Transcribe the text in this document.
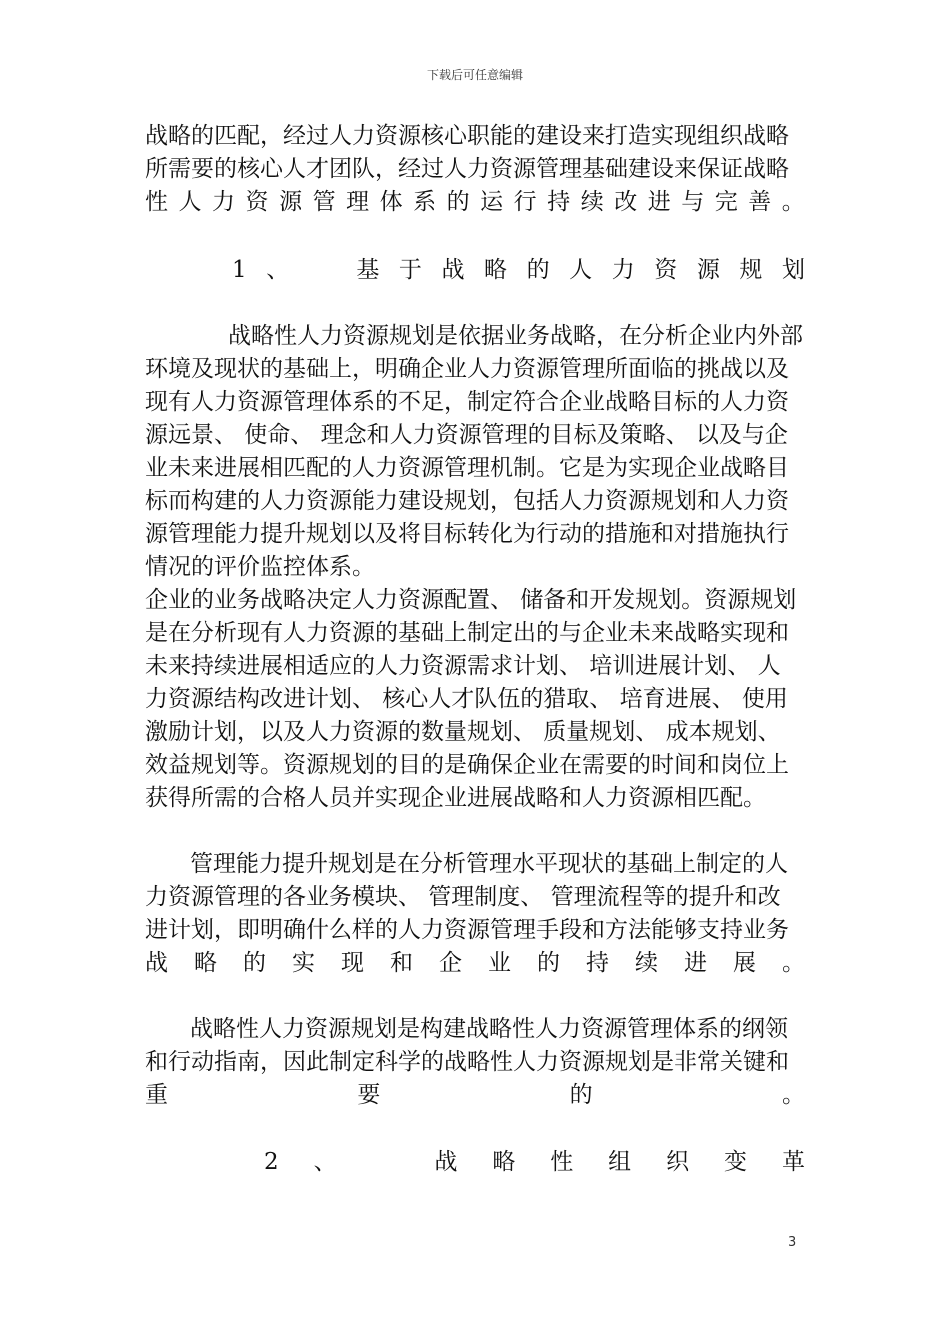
下载后可任意编辑
战略的匹配，经过人力资源核心职能的建设来打造实现组织战略
所需要的核心人才团队，经过人力资源管理基础建设来保证战略
性 人 力 资 源 管 理 体 系 的 运 行 持 续 改 进 与 完 善 。
1 、	基 于 战 略 的 人 力 资 源 规 划
战略性人力资源规划是依据业务战略，在分析企业内外部
环境及现状的基础上，明确企业人力资源管理所面临的挑战以及
现有人力资源管理体系的不足，制定符合企业战略目标的人力资
源远景、 使命、 理念和人力资源管理的目标及策略、 以及与企
业未来进展相匹配的人力资源管理机制。它是为实现企业战略目
标而构建的人力资源能力建设规划，包括人力资源规划和人力资
源管理能力提升规划以及将目标转化为行动的措施和对措施执行
情况的评价监控体系。
企业的业务战略决定人力资源配置、 储备和开发规划。资源规划
是在分析现有人力资源的基础上制定出的与企业未来战略实现和
未来持续进展相适应的人力资源需求计划、 培训进展计划、 人
力资源结构改进计划、 核心人才队伍的猎取、 培育进展、 使用
激励计划，以及人力资源的数量规划、 质量规划、 成本规划、
效益规划等。资源规划的目的是确保企业在需要的时间和岗位上
获得所需的合格人员并实现企业进展战略和人力资源相匹配。
管理能力提升规划是在分析管理水平现状的基础上制定的人
力资源管理的各业务模块、 管理制度、 管理流程等的提升和改
进计划，即明确什么样的人力资源管理手段和方法能够支持业务
战 略 的 实 现 和 企 业 的 持 续 进 展 。
战略性人力资源规划是构建战略性人力资源管理体系的纲领
和行动指南，因此制定科学的战略性人力资源规划是非常关键和
重	要	的	。
2 、	战 略 性 组 织 变 革
3
